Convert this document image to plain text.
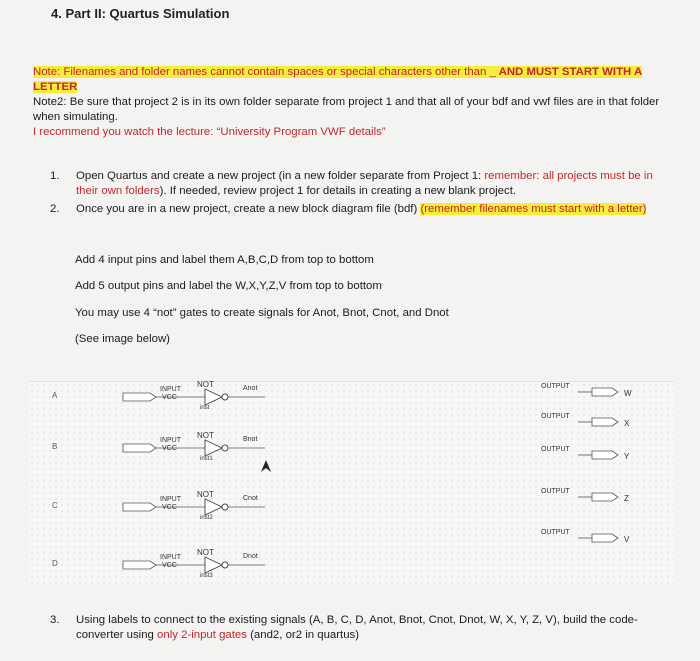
4. Part II: Quartus Simulation
Note: Filenames and folder names cannot contain spaces or special characters other than _ AND MUST START WITH A LETTER
Note2: Be sure that project 2 is in its own folder separate from project 1 and that all of your bdf and vwf files are in that folder when simulating.
I recommend you watch the lecture: “University Program VWF details”
1.	Open Quartus and create a new project (in a new folder separate from Project 1: remember: all projects must be in their own folders). If needed, review project 1 for details in creating a new blank project.
2.	Once you are in a new project, create a new block diagram file (bdf) (remember filenames must start with a letter)
Add 4 input pins and label them A,B,C,D from top to bottom
Add 5 output pins and label the W,X,Y,Z,V from top to bottom
You may use 4 “not” gates to create signals for Anot, Bnot, Cnot, and Dnot
(See image below)
A
INPUT
VCC
NOT
inst
Anot
B
INPUT
VCC
NOT
inst1
Bnot
C
INPUT
VCC
NOT
inst2
Cnot
D
INPUT
VCC
NOT
inst3
Dnot
OUTPUT
W
OUTPUT
X
OUTPUT
Y
OUTPUT
Z
OUTPUT
V
3.	Using labels to connect to the existing signals (A, B, C, D, Anot, Bnot, Cnot, Dnot, W, X, Y, Z, V), build the code-converter using only 2-input gates (and2, or2 in quartus)
